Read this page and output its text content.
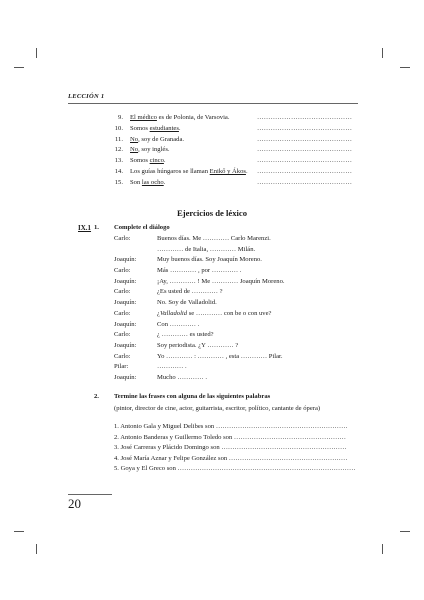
LECCIÓN 1
9. El médico es de Polonia, de Varsovia.	……………………………………
10. Somos estudiantes.	……………………………………
11. No, soy de Granada.	……………………………………
12. No, soy inglés.	……………………………………
13. Somos cinco.	……………………………………
14. Los guías húngaros se llaman Enikő y Ákos. ……………………………………
15. Son las ocho.	……………………………………
Ejercicios de léxico
IX.1 1. Complete el diálogo
Carlo:	Buenos días. Me ………… Carlo Marenzi.
………… de Italia, ………… Milán.
Joaquín:	Muy buenos días. Soy Joaquín Moreno.
Carlo:	Más ………… , por ………… .
Joaquín:	¡Ay, ………… ! Me ………… Joaquín Moreno.
Carlo:	¿Es usted de ………… ?
Joaquín:	No. Soy de Valladolid.
Carlo:	¿Valladolid se ………… con be o con uve?
Joaquín:	Con ………… .
Carlo:	¿ ………… es usted?
Joaquín:	Soy periodista. ¿Y ………… ?
Carlo:	Yo ………… : ………… , esta ………… Pilar.
Pilar:	………… .
Joaquín:	Mucho ………… .
2. Termine las frases con alguna de las siguientes palabras
(pintor, director de cine, actor, guitarrista, escritor, político, cantante de ópera)
1. Antonio Gala y Miguel Delibes son ……………………………………………………
2. Antonio Banderas y Guillermo Toledo son ……………………………………………
3. José Carreras y Plácido Domingo son …………………………………………………
4. José María Aznar y Felipe González son ………………………………………………
5. Goya y El Greco son ………………………………………………………………………
20
